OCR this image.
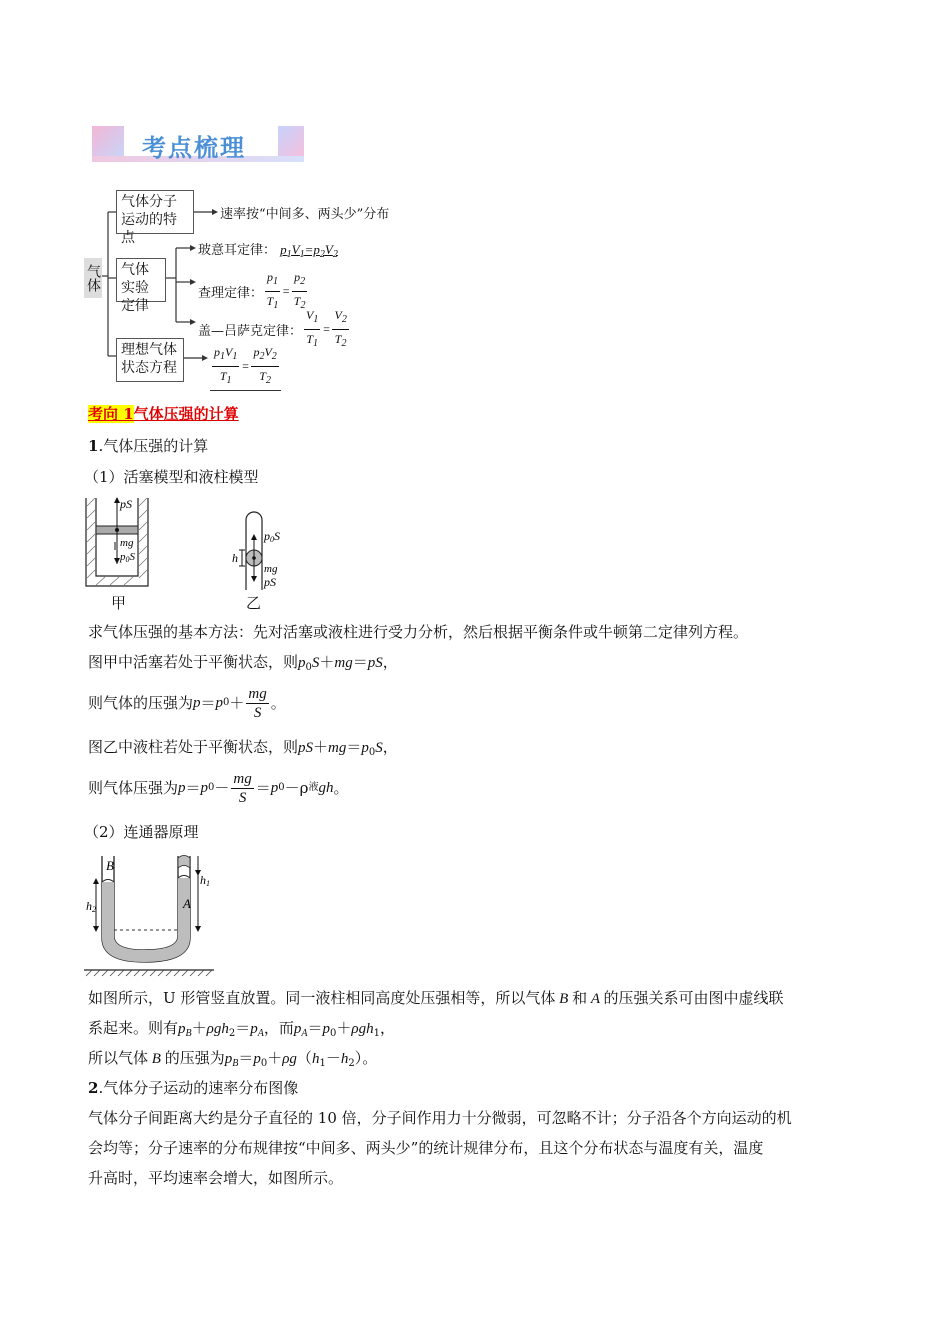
考点梳理
气体
气体分子运动的特点
速率按“中间多、两头少”分布
气体实验定律
玻意耳定律： $p_1V_1=p_2V_2$
查理定律： $\frac{p_1}{T_1} = \frac{p_2}{T_2}$
盖—吕萨克定律： $\frac{V_1}{T_1} = \frac{V_2}{T_2}$
理想气体状态方程	$\frac{p_1V_1}{T_1} = \frac{p_2V_2}{T_2}$
考向 1气体压强的计算
1.气体压强的计算
（1）活塞模型和液柱模型
pS
mg
p0S	h
p0S
mg
pS
甲	乙
求气体压强的基本方法：先对活塞或液柱进行受力分析，然后根据平衡条件或牛顿第二定律列方程。
图甲中活塞若处于平衡状态，则$p_0S+mg=pS$，
则气体的压强为 p ＝ p $0 + \frac{mg}{S}$ 。
图乙中液柱若处于平衡状态，则$pS+mg=p_0S$，
则气体压强为 p ＝ p $0 - \frac{mg}{S} = p$ 0 －ρ 液 gh 。
（2）连通器原理
B
A
h2
h1
如图所示，U 形管竖直放置。同一液柱相同高度处压强相等，所以气体 B 和 A 的压强关系可由图中虚线联
系起来。则有$p_B+\rho gh_2=p_A$，而$p_A=p_0+\rho gh_1$，
所以气体 B 的压强为$p_B=p_0+\rho g(h_1-h_2)$。
2.气体分子运动的速率分布图像
气体分子间距离大约是分子直径的 10 倍，分子间作用力十分微弱，可忽略不计；分子沿各个方向运动的机
会均等；分子速率的分布规律按“中间多、两头少”的统计规律分布，且这个分布状态与温度有关，温度
升高时，平均速率会增大，如图所示。
